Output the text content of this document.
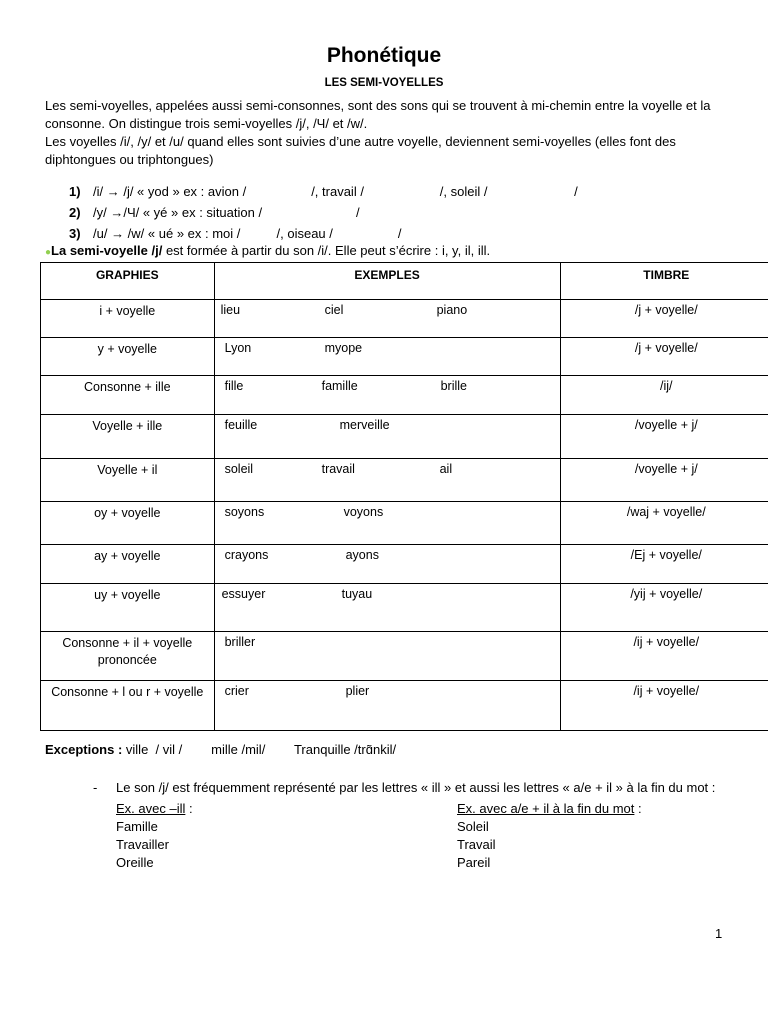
Phonétique
LES SEMI-VOYELLES

Les semi-voyelles, appelées aussi semi-consonnes, sont des sons qui se trouvent à mi-chemin entre la voyelle et la consonne. On distingue trois semi-voyelles /j/, /Ч/ et /w/.

Les voyelles /i/, /y/ et /u/ quand elles sont suivies d’une autre voyelle, deviennent semi-voyelles (elles font des diphtongues ou triphtongues)

1) /i/ → /j/ « yod » ex : avion /                  /, travail /                     /, soleil /                        /
2) /y/ →/Ч/ « yé » ex : situation /                          /
3) /u/ → /w/ « ué » ex : moi /          /, oiseau /                  /
●La semi-voyelle /j/ est formée à partir du son /i/. Elle peut s’écrire : i, y, il, ill.
GRAPHIES	EXEMPLES	TIMBRE
i + voyelle	lieu ciel piano	/j + voyelle/
y + voyelle	Lyon myope	/j + voyelle/
Consonne + ille	fille famille brille	/ij/
Voyelle + ille	feuille merveille	/voyelle + j/
Voyelle + il	soleil travail ail	/voyelle + j/
oy + voyelle	soyons voyons	/waj + voyelle/
ay + voyelle	crayons ayons	/Ej + voyelle/
uy + voyelle	essuyer tuyau	/yij + voyelle/
Consonne + il + voyelle prononcée	briller	/ij + voyelle/
Consonne + l ou r + voyelle	crier plier	/ij + voyelle/
Exceptions : ville  / vil /        mille /mil/        Tranquille /trɑ̃nkil/
- Le son /j/ est fréquemment représenté par les lettres « ill » et aussi les lettres « a/e + il » à la fin du mot :
Ex. avec –ill :
Famille
Travailler
Oreille
Ex. avec a/e + il à la fin du mot :
Soleil
Travail
Pareil
1
